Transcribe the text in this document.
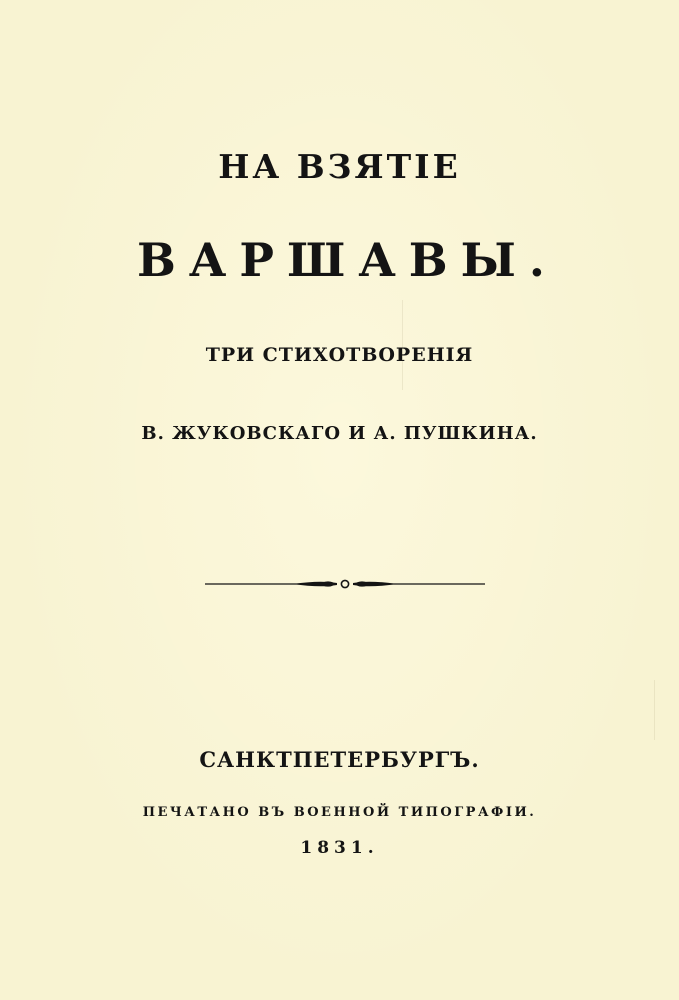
НА ВЗЯТІЕ
ВАРШАВЫ.
ТРИ СТИХОТВОРЕНІЯ
В. ЖУКОВСКАГО И А. ПУШКИНА.
САНКТПЕТЕРБУРГЪ.
ПЕЧАТАНО ВЪ ВОЕННОЙ ТИПОГРАФІИ.
1831.
